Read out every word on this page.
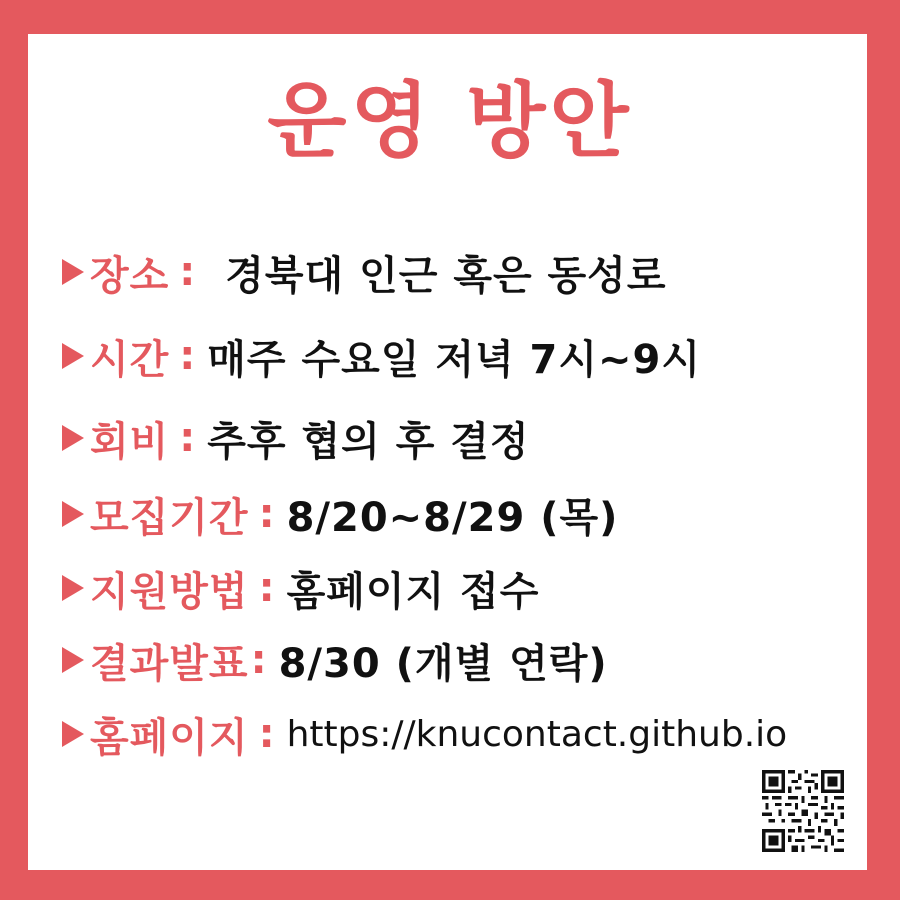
운영 방안
장소 : 경북대 인근 혹은 동성로
시간 : 매주 수요일 저녁 7시~9시
회비 : 추후 협의 후 결정
모집기간 : 8/20~8/29 (목)
지원방법 : 홈페이지 접수
결과발표 : 8/30 (개별 연락)
홈페이지 : https://knucontact.github.io
